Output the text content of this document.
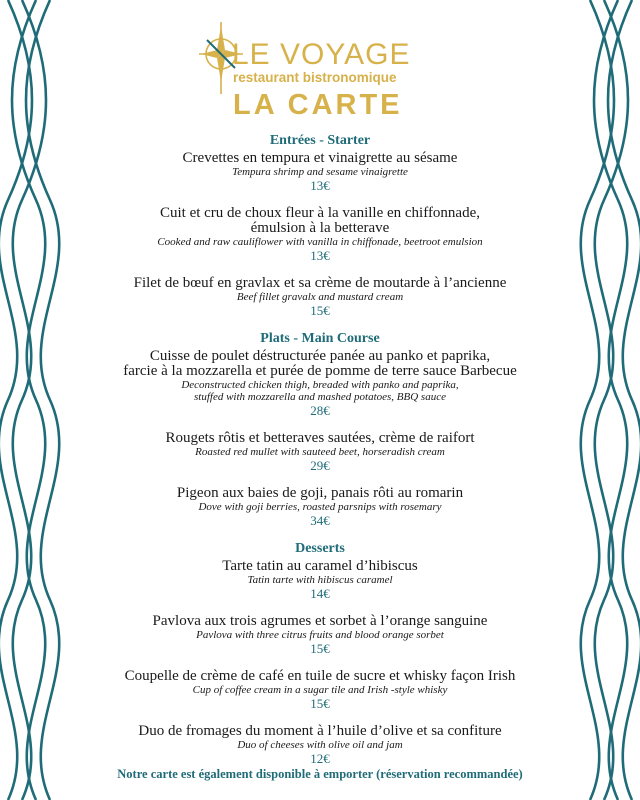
LE VOYAGE
restaurant bistronomique
LA CARTE
Entrées - Starter
Crevettes en tempura et vinaigrette au sésame
Tempura shrimp and sesame vinaigrette
13€
Cuit et cru de choux fleur à la vanille en chiffonnade,
émulsion à la betterave
Cooked and raw cauliflower with vanilla in chiffonade, beetroot emulsion
13€
Filet de bœuf en gravlax et sa crème de moutarde à l’ancienne
Beef fillet gravalx and mustard cream
15€
Plats - Main Course
Cuisse de poulet déstructurée panée au panko et paprika,
farcie à la mozzarella et purée de pomme de terre sauce Barbecue
Deconstructed chicken thigh, breaded with panko and paprika,
stuffed with mozzarella and mashed potatoes, BBQ sauce
28€
Rougets rôtis et betteraves sautées, crème de raifort
Roasted red mullet with sauteed beet, horseradish cream
29€
Pigeon aux baies de goji, panais rôti au romarin
Dove with goji berries, roasted parsnips with rosemary
34€
Desserts
Tarte tatin au caramel d’hibiscus
Tatin tarte with hibiscus caramel
14€
Pavlova aux trois agrumes et sorbet à l’orange sanguine
Pavlova with three citrus fruits and blood orange sorbet
15€
Coupelle de crème de café en tuile de sucre et whisky façon Irish
Cup of coffee cream in a sugar tile and Irish -style whisky
15€
Duo de fromages du moment à l’huile d’olive et sa confiture
Duo of cheeses with olive oil and jam
12€
Notre carte est également disponible à emporter (réservation recommandée)
